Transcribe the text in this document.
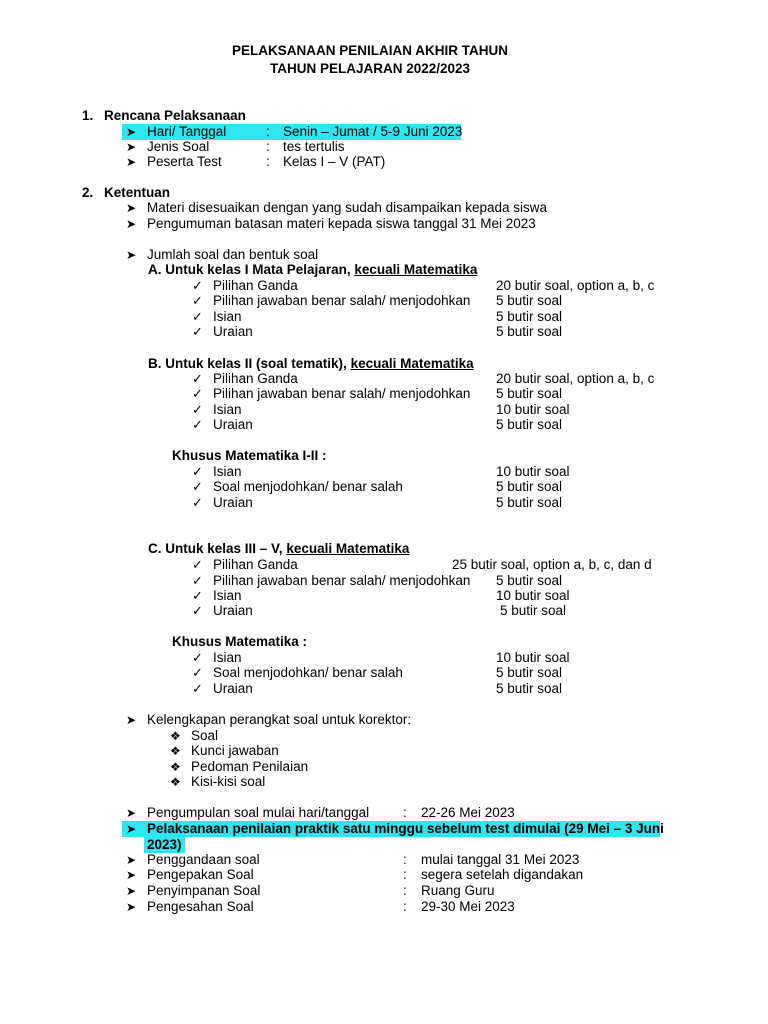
PELAKSANAAN PENILAIAN AKHIR TAHUN
TAHUN PELAJARAN 2022/2023
1. Rencana Pelaksanaan
➤ Hari/ Tanggal	: Senin – Jumat / 5-9 Juni 2023
➤ Jenis Soal	: tes tertulis
➤ Peserta Test	: Kelas I – V (PAT)
2. Ketentuan
➤ Materi disesuaikan dengan yang sudah disampaikan kepada siswa
➤ Pengumuman batasan materi kepada siswa tanggal 31 Mei 2023
➤ Jumlah soal dan bentuk soal
A. Untuk kelas I Mata Pelajaran, kecuali Matematika
✓ Pilihan Ganda	20 butir soal, option a, b, c
✓ Pilihan jawaban benar salah/ menjodohkan 5 butir soal
✓ Isian	5 butir soal
✓ Uraian	5 butir soal
B. Untuk kelas II (soal tematik), kecuali Matematika
✓ Pilihan Ganda	20 butir soal, option a, b, c
✓ Pilihan jawaban benar salah/ menjodohkan 5 butir soal
✓ Isian	10 butir soal
✓ Uraian	5 butir soal
Khusus Matematika I-II :
✓ Isian	10 butir soal
✓ Soal menjodohkan/ benar salah	5 butir soal
✓ Uraian	5 butir soal
C. Untuk kelas III – V, kecuali Matematika
✓ Pilihan Ganda	25 butir soal, option a, b, c, dan d
✓ Pilihan jawaban benar salah/ menjodohkan 5 butir soal
✓ Isian	10 butir soal
✓ Uraian	5 butir soal
Khusus Matematika :
✓ Isian	10 butir soal
✓ Soal menjodohkan/ benar salah	5 butir soal
✓ Uraian	5 butir soal
➤ Kelengkapan perangkat soal untuk korektor:
❖ Soal
❖ Kunci jawaban
❖ Pedoman Penilaian
❖ Kisi-kisi soal
➤ Pengumpulan soal mulai hari/tanggal	: 22-26 Mei 2023
➤ Pelaksanaan penilaian praktik satu minggu sebelum test dimulai (29 Mei – 3 Juni
2023)
➤ Penggandaan soal	: mulai tanggal 31 Mei 2023
➤ Pengepakan Soal	: segera setelah digandakan
➤ Penyimpanan Soal	: Ruang Guru
➤ Pengesahan Soal	: 29-30 Mei 2023
